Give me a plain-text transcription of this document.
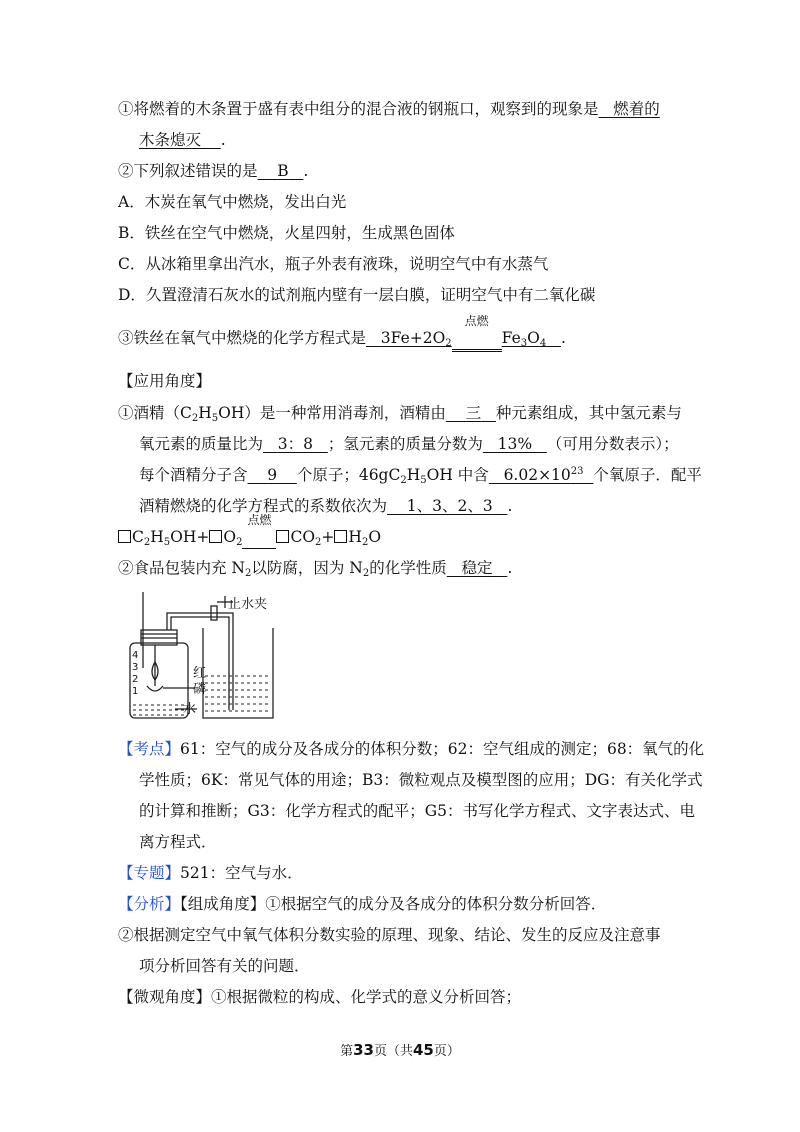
①将燃着的木条置于盛有表中组分的混合液的钢瓶口，观察到的现象是 燃着的
木条熄灭 .
②下列叙述错误的是 B .
A．木炭在氧气中燃烧，发出白光
B．铁丝在空气中燃烧，火星四射，生成黑色固体
C．从冰箱里拿出汽水，瓶子外表有液珠，说明空气中有水蒸气
D．久置澄清石灰水的试剂瓶内壁有一层白膜，证明空气中有二氧化碳
③铁丝在氧气中燃烧的化学方程式是 $3Fe+2O_2$
点燃
$Fe_3O_4$ .
【应用角度】
①酒精$(C_2H_5OH)$是一种常用消毒剂，酒精由 三 种元素组成，其中氢元素与
氧元素的质量比为 3：8 ；氢元素的质量分数为 13% （可用分数表示）；
每个酒精分子含 9 个原子；$46gC_2H_5OH$ 中含 $6.02\times 10^{23}$ 个氧原子．配平
酒精燃烧的化学方程式的系数依次为 1、3、2、3 .
$C_2H_5OH+ O_2$
点燃
$CO_2+ H_2O$
②食品包装内充 $N_2$以防腐，因为 $N_2$的化学性质 稳定 .
4
3
2
1
止水夹
红
磷
水
【考点】61：空气的成分及各成分的体积分数；62：空气组成的测定；68：氧气的化
学性质；6K：常见气体的用途；B3：微粒观点及模型图的应用；DG：有关化学式
的计算和推断；G3：化学方程式的配平；G5：书写化学方程式、文字表达式、电
离方程式．
【专题】521：空气与水．
【分析】【组成角度】①根据空气的成分及各成分的体积分数分析回答．
②根据测定空气中氧气体积分数实验的原理、现象、结论、发生的反应及注意事
项分析回答有关的问题．
【微观角度】①根据微粒的构成、化学式的意义分析回答；
第33页（共45页）
